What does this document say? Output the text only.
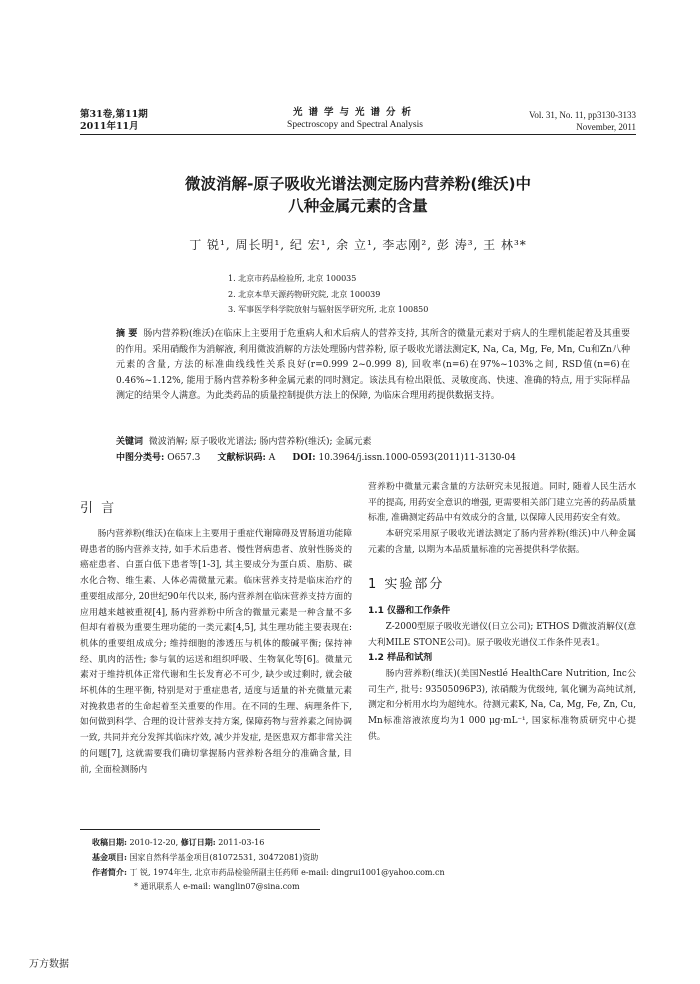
第31卷,第11期
2011年11月
光谱学与光谱分析
Spectroscopy and Spectral Analysis
Vol. 31, No. 11, pp3130-3133
November, 2011
微波消解-原子吸收光谱法测定肠内营养粉(维沃)中
八种金属元素的含量
丁 锐¹, 周长明¹, 纪 宏¹, 余 立¹, 李志刚², 彭 涛³, 王 林³*
1. 北京市药品检验所, 北京 100035
2. 北京本草天源药物研究院, 北京 100039
3. 军事医学科学院放射与辐射医学研究所, 北京 100850
摘 要 肠内营养粉(维沃)在临床上主要用于危重病人和术后病人的营养支持, 其所含的微量元素对于病人的生理机能起着及其重要的作用。采用硝酸作为消解液, 利用微波消解的方法处理肠内营养粉, 原子吸收光谱法测定K, Na, Ca, Mg, Fe, Mn, Cu和Zn八种元素的含量, 方法的标准曲线线性关系良好(r=0.999 2~0.999 8), 回收率(n=6)在97%~103%之间, RSD值(n=6)在0.46%~1.12%, 能用于肠内营养粉多种金属元素的同时测定。该法具有检出限低、灵敏度高、快速、准确的特点, 用于实际样品测定的结果令人满意。为此类药品的质量控制提供方法上的保障, 为临床合理用药提供数据支持。
关键词 微波消解; 原子吸收光谱法; 肠内营养粉(维沃); 金属元素
中图分类号: O657.3 文献标识码: A DOI: 10.3964/j.issn.1000-0593(2011)11-3130-04
引 言

肠内营养粉(维沃)在临床上主要用于重症代谢障碍及胃肠道功能障碍患者的肠内营养支持, 如手术后患者、慢性肾病患者、放射性肠炎的癌症患者、白蛋白低下患者等[1-3], 其主要成分为蛋白质、脂肪、碳水化合物、维生素、人体必需微量元素。临床营养支持是临床治疗的重要组成部分, 20世纪90年代以来, 肠内营养剂在临床营养支持方面的应用越来越被重视[4], 肠内营养粉中所含的微量元素是一种含量不多但却有着极为重要生理功能的一类元素[4,5], 其生理功能主要表现在: 机体的重要组成成分; 维持细胞的渗透压与机体的酸碱平衡; 保持神经、肌肉的活性; 参与氧的运送和组织呼吸、生物氧化等[6]。微量元素对于维持机体正常代谢和生长发育必不可少, 缺少或过剩时, 就会破坏机体的生理平衡, 特别是对于重症患者, 适度与适量的补充微量元素对挽救患者的生命起着至关重要的作用。在不同的生理、病理条件下, 如何做到科学、合理的设计营养支持方案, 保障药物与营养素之间协调一致, 共同并充分发挥其临床疗效, 减少并发症, 是医患双方都非常关注的问题[7], 这就需要我们确切掌握肠内营养粉各组分的准确含量, 目前, 全面检测肠内

营养粉中微量元素含量的方法研究未见报道。同时, 随着人民生活水平的提高, 用药安全意识的增强, 更需要相关部门建立完善的药品质量标准, 准确测定药品中有效成分的含量, 以保障人民用药安全有效。

本研究采用原子吸收光谱法测定了肠内营养粉(维沃)中八种金属元素的含量, 以期为本品质量标准的完善提供科学依据。

1 实验部分
1.1 仪器和工作条件

Z-2000型原子吸收光谱仪(日立公司); ETHOS D微波消解仪(意大利MILE STONE公司)。原子吸收光谱仪工作条件见表1。

1.2 样品和试剂

肠内营养粉(维沃)(美国Nestlé HealthCare Nutrition, Inc公司生产, 批号: 93505096P3), 浓硝酸为优级纯, 氧化镧为高纯试剂, 测定和分析用水均为超纯水。待测元素K, Na, Ca, Mg, Fe, Zn, Cu, Mn标准溶液浓度均为1 000 μg·mL⁻¹, 国家标准物质研究中心提供。

收稿日期: 2010-12-20, 修订日期: 2011-03-16
基金项目: 国家自然科学基金项目(81072531, 30472081)资助
作者简介: 丁 锐, 1974年生, 北京市药品检验所副主任药师 e-mail: dingrui1001@yahoo.com.cn
* 通讯联系人 e-mail: wanglin07@sina.com
万方数据
